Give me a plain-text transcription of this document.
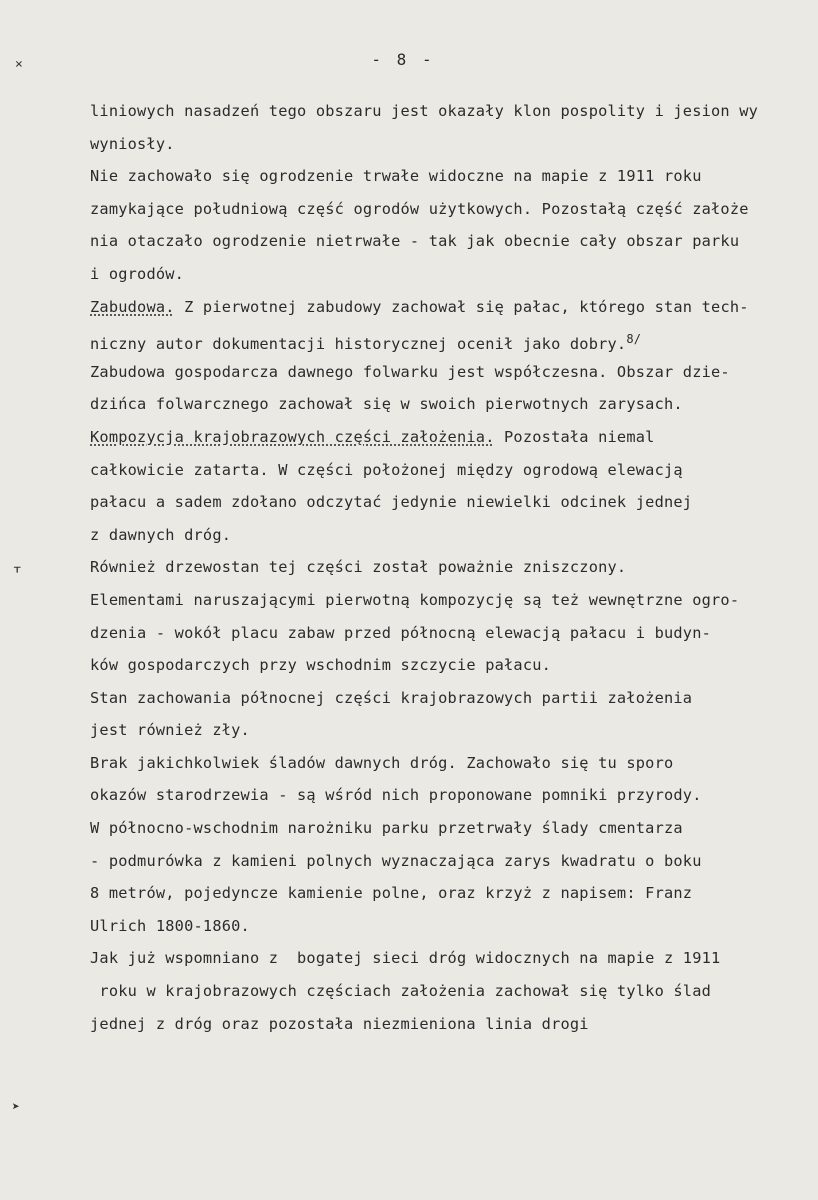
- 8 -
⨯
ᚁ
➤
liniowych nasadzeń tego obszaru jest okazały klon pospolity i jesion wy
wyniosły.
Nie zachowało się ogrodzenie trwałe widoczne na mapie z 1911 roku
zamykające południową część ogrodów użytkowych. Pozostałą część założe
nia otaczało ogrodzenie nietrwałe - tak jak obecnie cały obszar parku
i ogrodów.
Zabudowa. Z pierwotnej zabudowy zachował się pałac, którego stan tech-
niczny autor dokumentacji historycznej ocenił jako dobry.$^{8/}$
Zabudowa gospodarcza dawnego folwarku jest współczesna. Obszar dzie-
dzińca folwarcznego zachował się w swoich pierwotnych zarysach.
Kompozycja krajobrazowych części założenia. Pozostała niemal
całkowicie zatarta. W części położonej między ogrodową elewacją
pałacu a sadem zdołano odczytać jedynie niewielki odcinek jednej
z dawnych dróg.
Również drzewostan tej części został poważnie zniszczony.
Elementami naruszającymi pierwotną kompozycję są też wewnętrzne ogro-
dzenia - wokół placu zabaw przed północną elewacją pałacu i budyn-
ków gospodarczych przy wschodnim szczycie pałacu.
Stan zachowania północnej części krajobrazowych partii założenia
jest również zły.
Brak jakichkolwiek śladów dawnych dróg. Zachowało się tu sporo
okazów starodrzewia - są wśród nich proponowane pomniki przyrody.
W północno-wschodnim narożniku parku przetrwały ślady cmentarza
- podmurówka z kamieni polnych wyznaczająca zarys kwadratu o boku
8 metrów, pojedyncze kamienie polne, oraz krzyż z napisem: Franz
Ulrich 1800-1860.
Jak już wspomniano z  bogatej sieci dróg widocznych na mapie z 1911
roku w krajobrazowych częściach założenia zachował się tylko ślad
jednej z dróg oraz pozostała niezmieniona linia drogi
